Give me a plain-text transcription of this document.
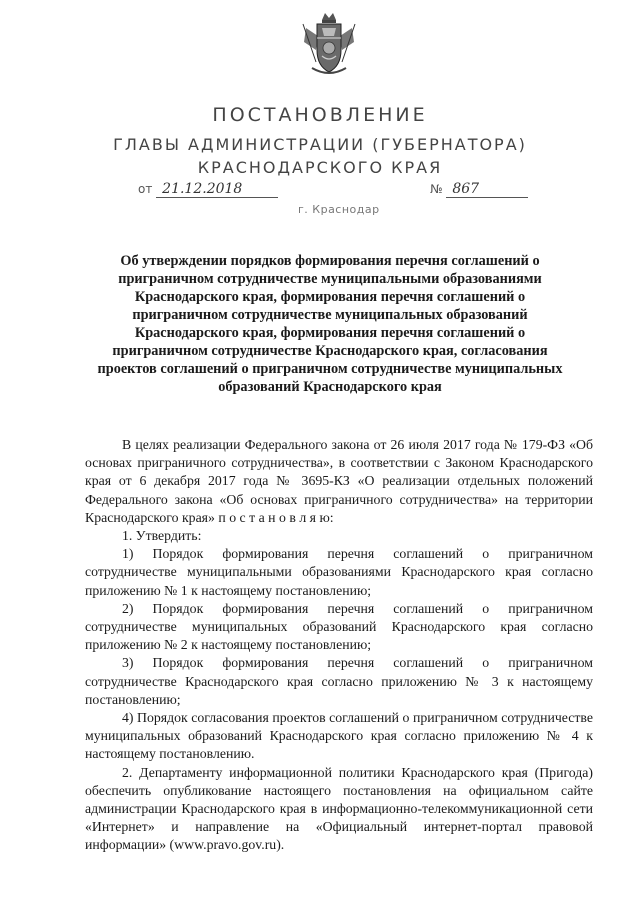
ПОСТАНОВЛЕНИЕ
ГЛАВЫ АДМИНИСТРАЦИИ (ГУБЕРНАТОРА)
КРАСНОДАРСКОГО КРАЯ
от 21.12.2018	№ 867
г. Краснодар
Об утверждении порядков формирования перечня соглашений о
приграничном сотрудничестве муниципальными образованиями
Краснодарского края, формирования перечня соглашений о
приграничном сотрудничестве муниципальных образований
Краснодарского края, формирования перечня соглашений о
приграничном сотрудничестве Краснодарского края, согласования
проектов соглашений о приграничном сотрудничестве муниципальных
образований Краснодарского края

В целях реализации Федерального закона от 26 июля 2017 года № 179-ФЗ «Об основах приграничного сотрудничества», в соответствии с Законом Краснодарского края от 6 декабря 2017 года № 3695-КЗ «О реализации отдельных положений Федерального закона «Об основах приграничного сотрудничества» на территории Краснодарского края» п о с т а н о в л я ю:

1. Утвердить:

1) Порядок формирования перечня соглашений о приграничном сотрудничестве муниципальными образованиями Краснодарского края согласно приложению № 1 к настоящему постановлению;

2) Порядок формирования перечня соглашений о приграничном сотрудничестве муниципальных образований Краснодарского края согласно приложению № 2 к настоящему постановлению;

3) Порядок формирования перечня соглашений о приграничном сотрудничестве Краснодарского края согласно приложению № 3 к настоящему постановлению;

4) Порядок согласования проектов соглашений о приграничном сотрудничестве муниципальных образований Краснодарского края согласно приложению № 4 к настоящему постановлению.

2. Департаменту информационной политики Краснодарского края (Пригода) обеспечить опубликование настоящего постановления на официальном сайте администрации Краснодарского края в информационно-телекоммуникационной сети «Интернет» и направление на «Официальный интернет-портал правовой информации» (www.pravo.gov.ru).
